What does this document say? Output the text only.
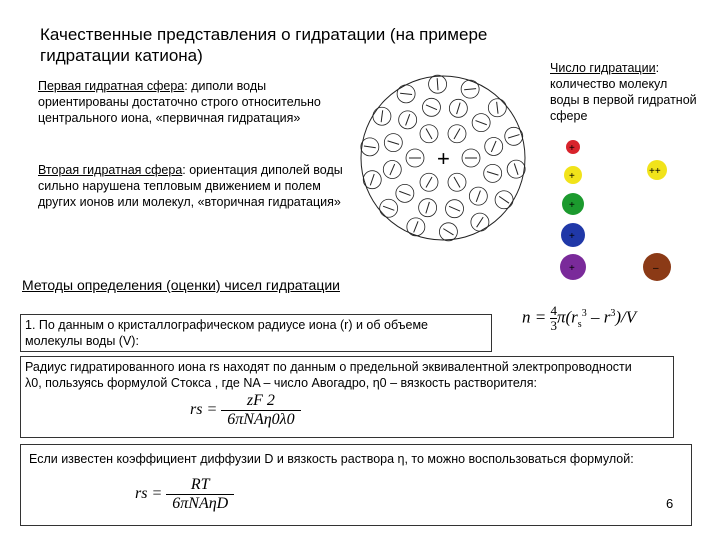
Качественные представления о гидратации (на примере гидратации катиона)
Первая гидратная сфера: диполи воды ориентированы достаточно строго относительно центрального иона, «первичная гидратация»
Вторая гидратная сфера: ориентация диполей воды сильно нарушена тепловым движением и полем других ионов или молекул, «вторичная гидратация»
Число гидратации: количество молекул воды в первой гидратной сфере
+	+
+
+
+
+
++
–
Методы определения (оценки) чисел гидратации
1. По данным о кристаллографическом радиусе иона (r) и об объеме молекулы воды (V):
$n = \frac{4}{3} \pi(r_s^3 - r^3)/V$
Радиус гидратированного иона rs находят по данным о предельной эквивалентной электропроводности λ0, пользуясь формулой Стокса , где NA – число Авогадро, η0 – вязкость растворителя:
rs =
zF 2
6πNAη0λ0
Если известен коэффициент диффузии D и вязкость раствора η, то можно воспользоваться формулой:
rs =
RT
6πNAηD	6
